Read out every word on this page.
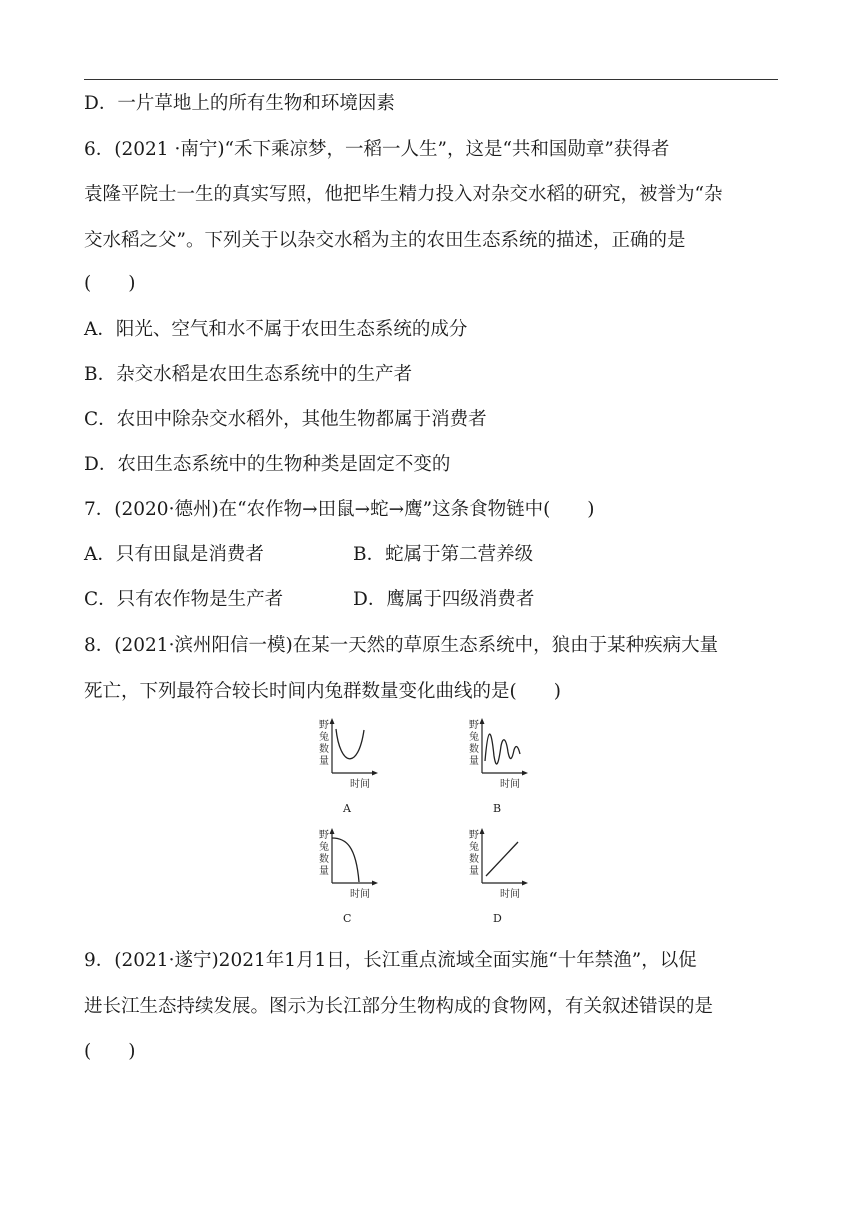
D．一片草地上的所有生物和环境因素
6．(2021 ·南宁)“禾下乘凉梦，一稻一人生”，这是“共和国勋章”获得者
袁隆平院士一生的真实写照，他把毕生精力投入对杂交水稻的研究，被誉为“杂
交水稻之父”。下列关于以杂交水稻为主的农田生态系统的描述，正确的是
(　　)
A．阳光、空气和水不属于农田生态系统的成分
B．杂交水稻是农田生态系统中的生产者
C．农田中除杂交水稻外，其他生物都属于消费者
D．农田生态系统中的生物种类是固定不变的
7．(2020·德州)在“农作物→田鼠→蛇→鹰”这条食物链中(　　)
A．只有田鼠是消费者	B．蛇属于第二营养级
C．只有农作物是生产者	D．鹰属于四级消费者
8．(2021·滨州阳信一模)在某一天然的草原生态系统中，狼由于某种疾病大量
死亡，下列最符合较长时间内兔群数量变化曲线的是(　　)
野
兔
数
量
时间
A
野
兔
数
量
时间
B
野
兔
数
量
时间
C
野
兔
数
量
时间
D
9．(2021·遂宁)2021年1月1日，长江重点流域全面实施“十年禁渔”，以促
进长江生态持续发展。图示为长江部分生物构成的食物网，有关叙述错误的是
(　　)
